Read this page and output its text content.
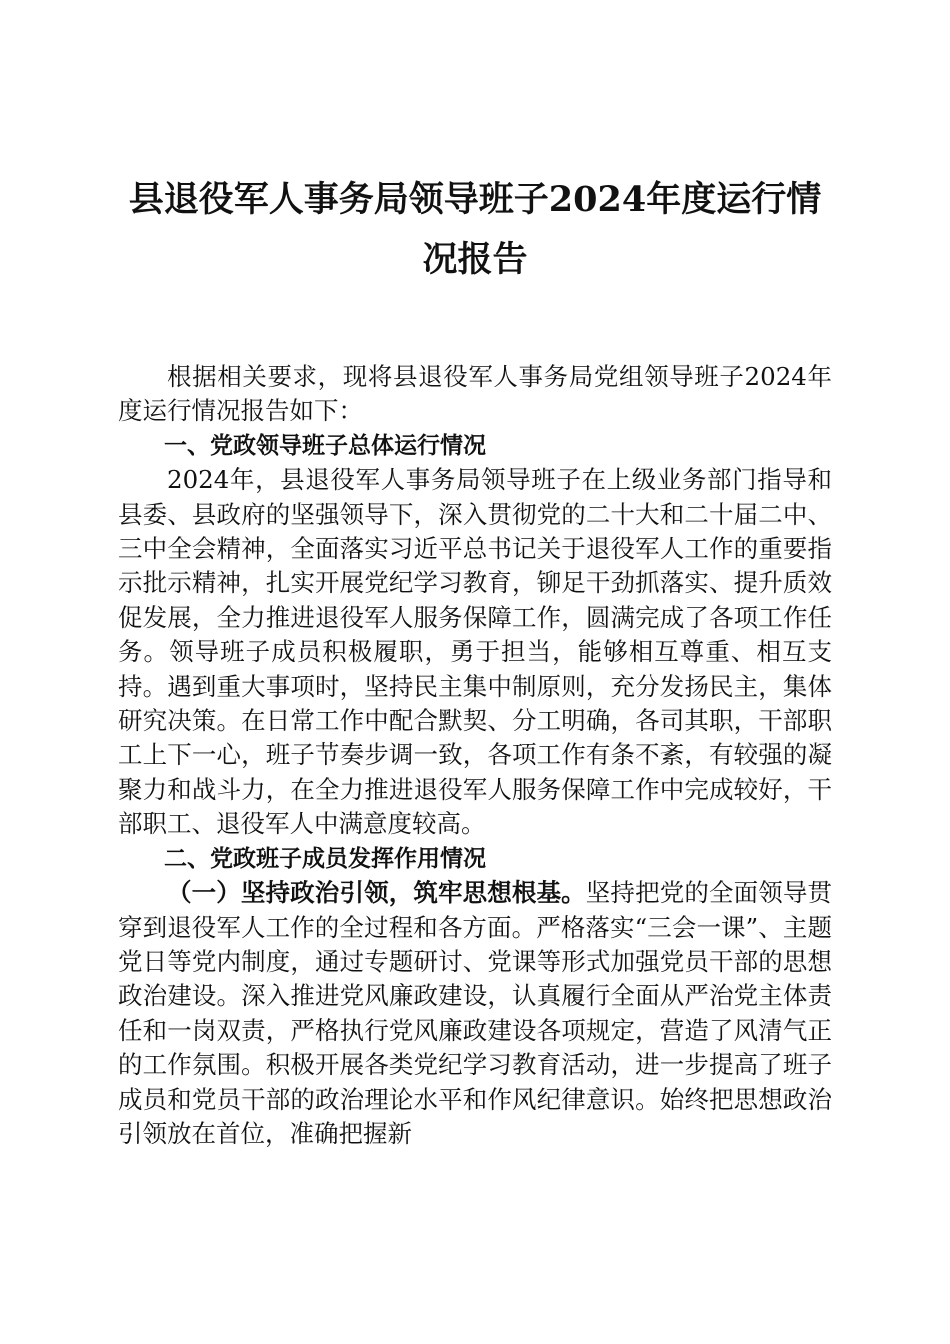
县退役军人事务局领导班子2024年度运行情
况报告

根据相关要求，现将县退役军人事务局党组领导班子2024年度运行情况报告如下：

一、党政领导班子总体运行情况

2024年，县退役军人事务局领导班子在上级业务部门指导和县委、县政府的坚强领导下，深入贯彻党的二十大和二十届二中、三中全会精神，全面落实习近平总书记关于退役军人工作的重要指示批示精神，扎实开展党纪学习教育，铆足干劲抓落实、提升质效促发展，全力推进退役军人服务保障工作，圆满完成了各项工作任务。领导班子成员积极履职，勇于担当，能够相互尊重、相互支持。遇到重大事项时，坚持民主集中制原则，充分发扬民主，集体研究决策。在日常工作中配合默契、分工明确，各司其职，干部职工上下一心，班子节奏步调一致，各项工作有条不紊，有较强的凝聚力和战斗力，在全力推进退役军人服务保障工作中完成较好，干部职工、退役军人中满意度较高。

二、党政班子成员发挥作用情况

（一）坚持政治引领，筑牢思想根基。坚持把党的全面领导贯穿到退役军人工作的全过程和各方面。严格落实“三会一课”、主题党日等党内制度，通过专题研讨、党课等形式加强党员干部的思想政治建设。深入推进党风廉政建设，认真履行全面从严治党主体责任和一岗双责，严格执行党风廉政建设各项规定，营造了风清气正的工作氛围。积极开展各类党纪学习教育活动，进一步提高了班子成员和党员干部的政治理论水平和作风纪律意识。始终把思想政治引领放在首位，准确把握新
